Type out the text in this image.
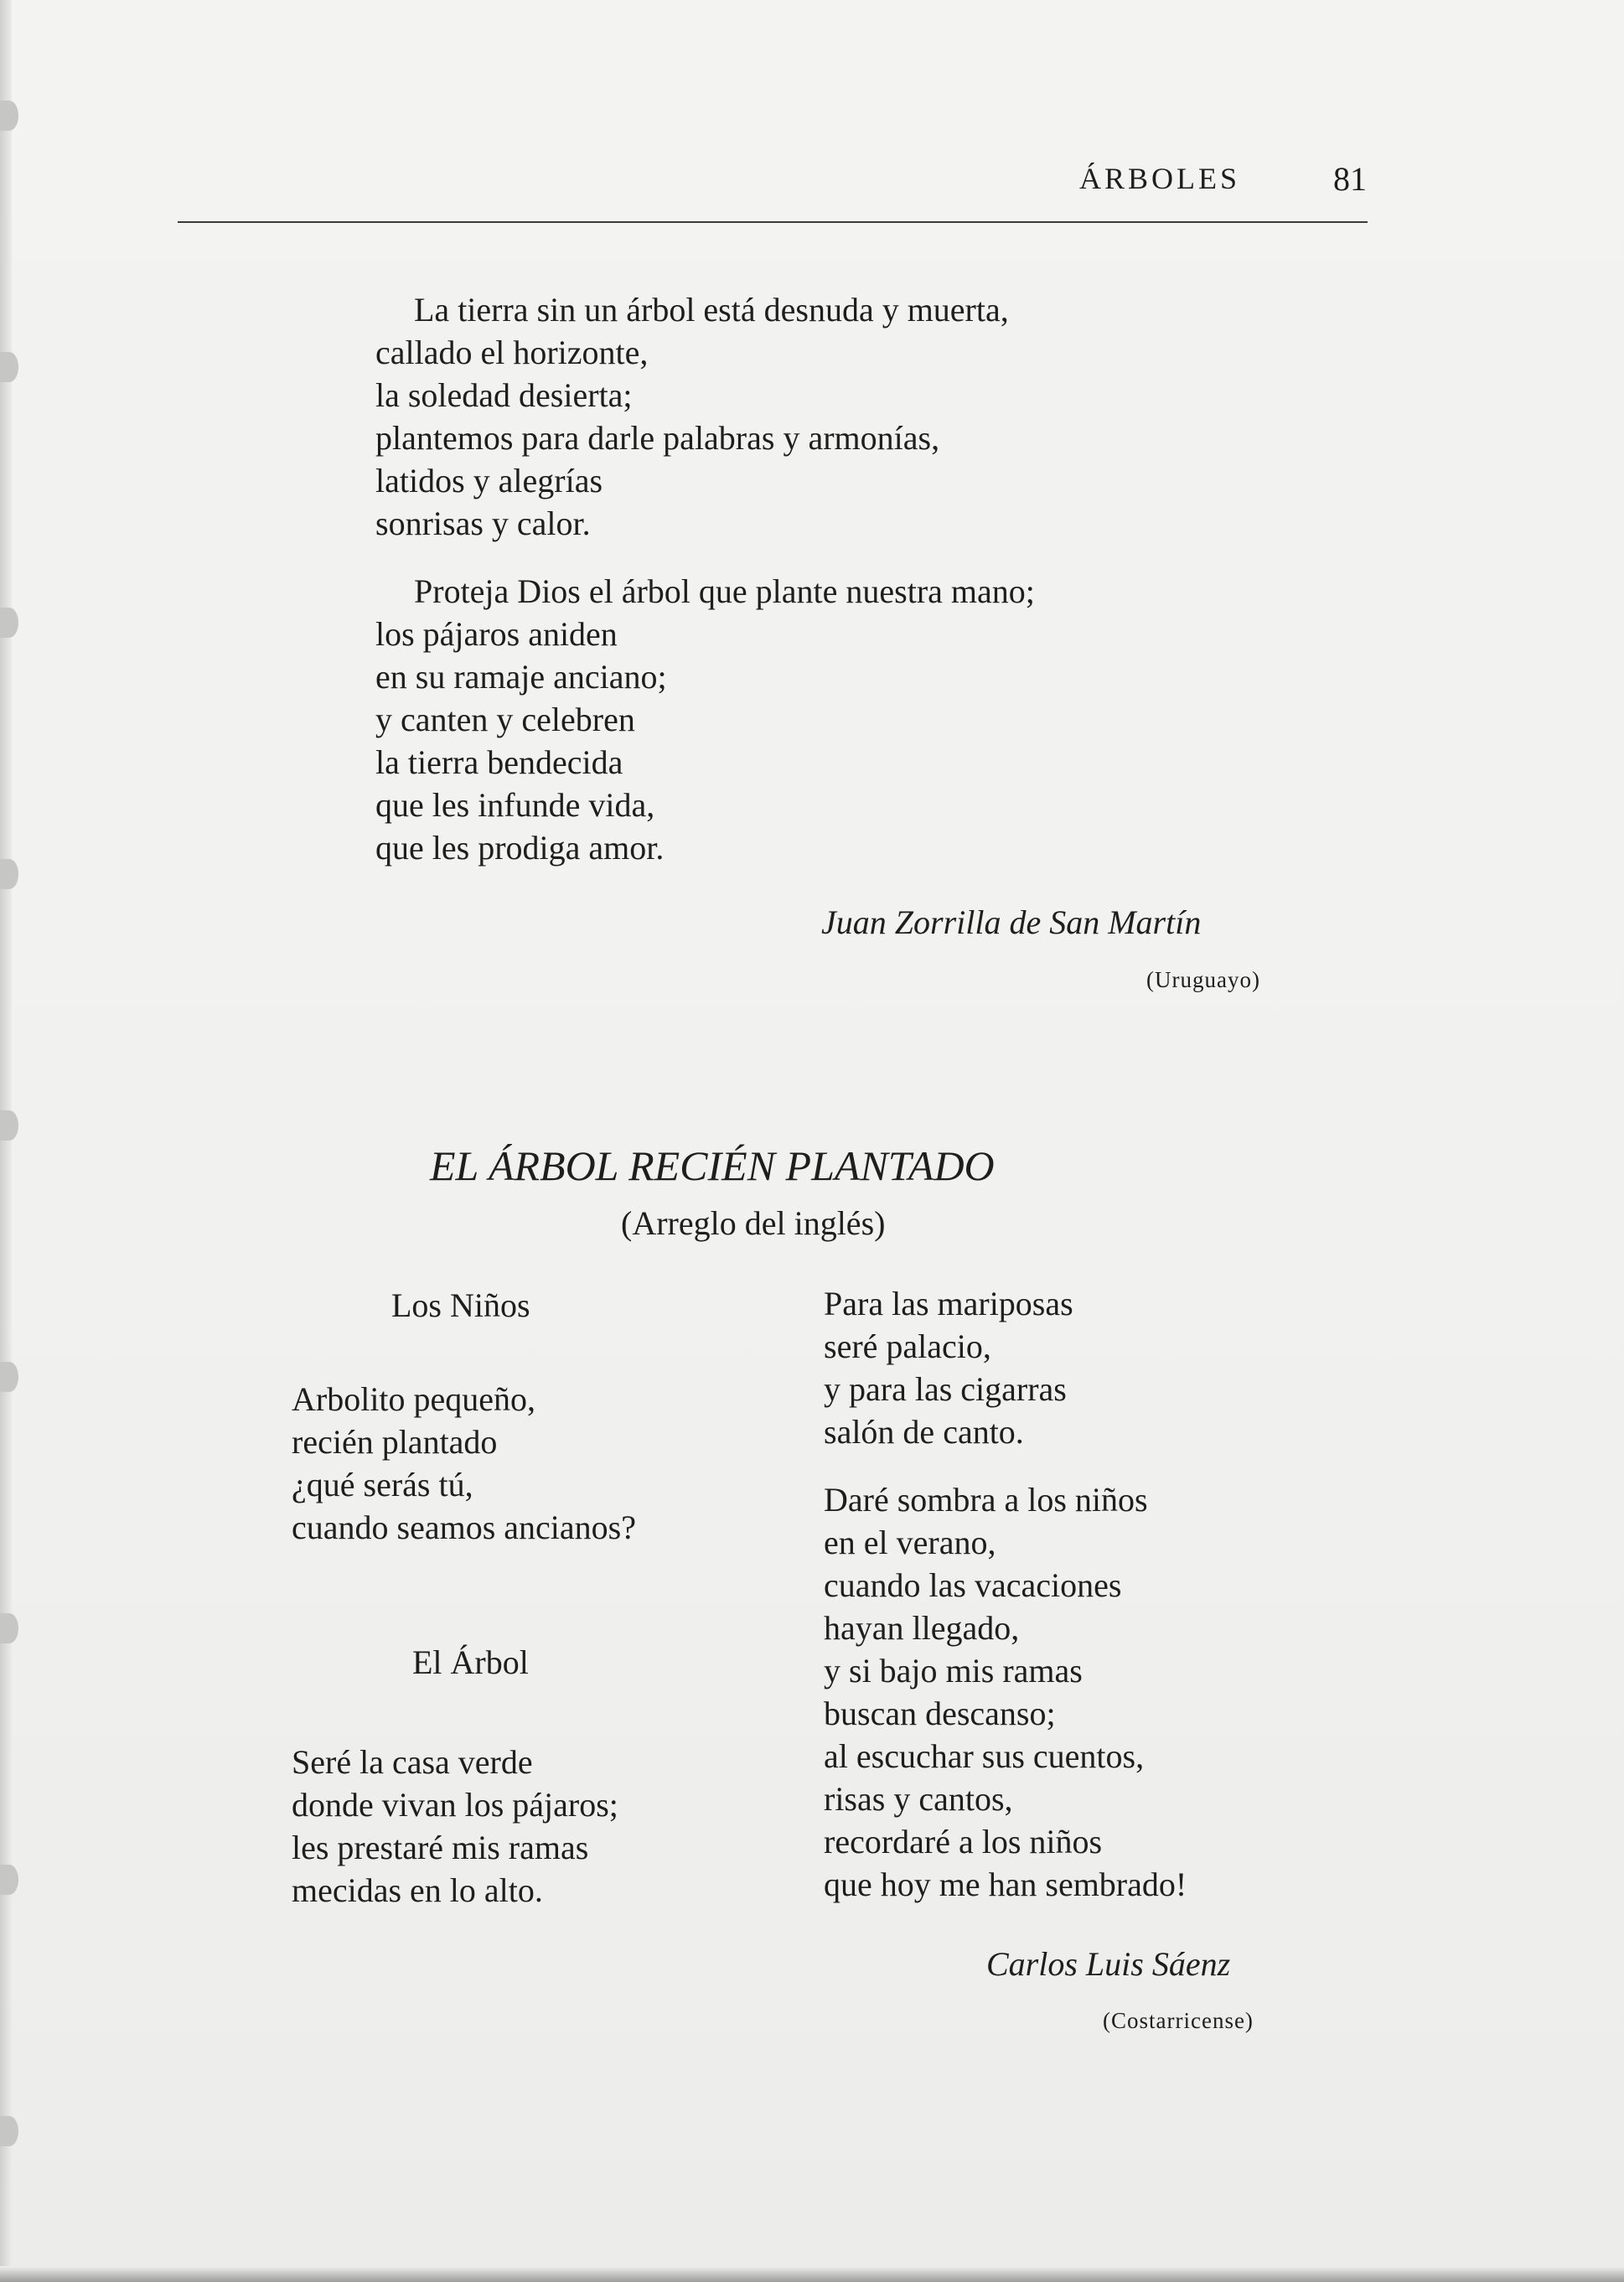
ÁRBOLES	81
La tierra sin un árbol está desnuda y muerta,
callado el horizonte,
la soledad desierta;
plantemos para darle palabras y armonías,
latidos y alegrías
sonrisas y calor.
Proteja Dios el árbol que plante nuestra mano;
los pájaros aniden
en su ramaje anciano;
y canten y celebren
la tierra bendecida
que les infunde vida,
que les prodiga amor.
Juan Zorrilla de San Martín
(Uruguayo)
EL ÁRBOL RECIÉN PLANTADO
(Arreglo del inglés)
Los Niños
Arbolito pequeño,
recién plantado
¿qué serás tú,
cuando seamos ancianos?
El Árbol
Seré la casa verde
donde vivan los pájaros;
les prestaré mis ramas
mecidas en lo alto.
Para las mariposas
seré palacio,
y para las cigarras
salón de canto.
Daré sombra a los niños
en el verano,
cuando las vacaciones
hayan llegado,
y si bajo mis ramas
buscan descanso;
al escuchar sus cuentos,
risas y cantos,
recordaré a los niños
que hoy me han sembrado!
Carlos Luis Sáenz
(Costarricense)
